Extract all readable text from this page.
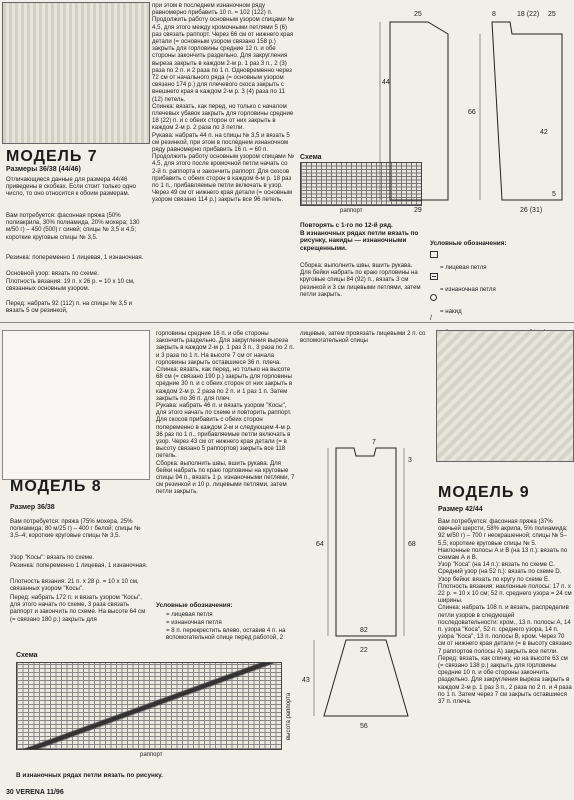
МОДЕЛЬ 7
Размеры 36/38 (44/46)
Отличающиеся данные для размера 44/46 приведены в скобках. Если стоит только одно число, то оно относится к обоим размерам.
Вам потребуется: фасонная пряжа (50% полиакрила, 30% полиамида, 20% мохера; 130 м/50 г) – 450 (500) г синей; спицы № 3,5 и 4,5; короткие круговые спицы № 3,5.
Резинка: попеременно 1 лицевая, 1 изнаночная.
Основной узор: вязать по схеме.
Плотность вязания: 19 п. х 26 р. = 10 х 10 см, связанных основным узором.
Перед: набрать 92 (112) п. на спицы № 3,5 и вязать 5 см резинкой,
при этом в последнем изнаночном ряду равномерно прибавить 10 п. = 102 (122) п. Продолжить работу основным узором спицами № 4,5, для этого между кромочными петлями 5 (6) раз связать раппорт. Через 66 см от нижнего края детали (= основным узором связано 158 р.) закрыть для горловины средние 12 п. и обе стороны закончить раздельно. Для закругления выреза закрыть в каждом 2-м р. 1 раз 3 п., 2 (3) раза по 2 п. и 2 раза по 1 п. Одновременно через 72 см от начального ряда (= основным узором связано 174 р.) для плечевого скоса закрыть с внешнего края в каждом 2-м р. 3 (4) раза по 11 (12) петель.
Спинка: вязать, как перед, но только с началом плечевых убавок закрыть для горловины средние 18 (22) п. и с обеих сторон от них закрыть в каждом 2-м р. 2 раза по 3 петли.
Рукава: набрать 44 п. на спицы № 3,5 и вязать 5 см резинкой, при этом в последнем изнаночном ряду равномерно прибавить 16 п. = 60 п. Продолжить работу основным узором спицами № 4,5, для этого после кромочной петли начать со 2-й п. раппорта и закончить раппорт. Для скосов прибавить с обеих сторон в каждом 6-м р. 18 раз по 1 п., прибавляемые петли включать в узор. Через 49 см от нижнего края детали (= основным узором связано 114 р.) закрыть все 96 петель.
Схема
раппорт
Повторять с 1-го по 12-й ряд.
В изнаночных рядах петли вязать по рисунку, накиды — изнаночными скрещенными.
Сборка: выполнить швы, вшить рукава. Для бейки набрать по краю горловины на круговые спицы 84 (92) п., вязать 3 см резинкой и 3 см лицевыми петлями, затем петли закрыть.
25	8	18 (22) 25
44
66
42
5
29	26 (31)
Условные обозначения:

= лицевая петля

= изнаночная петля

= накид

/

МОДЕЛЬ 8
Размер 36/38
Вам потребуется: пряжа (75% мохера, 25% полиамида; 80 м/25 г) – 400 г белой; спицы № 3,5–4; короткие круговые спицы № 3,5.
Узор "Косы": вязать по схеме.
Резинка: попеременно 1 лицевая, 1 изнаночная.
Плотность вязания: 21 п. х 28 р. = 10 х 10 см, связанных узором "Косы".
Перед: набрать 172 п. и вязать узором "Косы", для этого начать по схеме, 3 раза связать раппорт и закончить по схеме. На высоте 64 см (= связано 180 р.) закрыть для
горловины средние 16 п. и обе стороны закончить раздельно. Для закругления выреза закрыть в каждом 2-м р. 1 раз 3 п., 3 раза по 2 п. и 3 раза по 1 п. На высоте 7 см от начала горловины закрыть оставшиеся 36 п. плеча.
Спинка: вязать, как перед, но только на высоте 68 см (= связано 190 р.) закрыть для горловины средние 30 п. и с обеих сторон от них закрыть в каждом 2-м р. 2 раза по 2 п. и 1 раз 1 п. Затем закрыть по 36 п. для плеч.
Рукава: набрать 46 п. и вязать узором "Косы", для этого начать по схеме и повторить раппорт. Для скосов прибавить с обеих сторон попеременно в каждом 2-м и следующем 4-м р. 36 раз по 1 п., прибавляемые петли включать в узор. Через 43 см от нижнего края детали (= в высоту связано 5 раппортов) закрыть все 118 петель.
Сборка: выполнить швы, вшить рукава. Для бейки набрать по краю горловины на круговые спицы 94 п., вязать 1 р. изнаночными петлями, 7 см резинкой и 10 р. лицевыми петлями, затем петли закрыть.
Условные обозначения:
= лицевая петля
= изнаночная петля
= 8 п. перекрестить влево, оставив 4 п. на вспомогательной спице перед работой, 2
лицевые, затем провязать лицевыми 2 п. со вспомогательной спицы
7
3
64	68
43
22
82
56
Схема
раппорт
высота раппорта
В изнаночных рядах петли вязать по рисунку.
МОДЕЛЬ 9
Размер 42/44
Вам потребуется: фасонная пряжа (37% овечьей шерсти, 58% акрила, 5% полиамида; 92 м/50 г) – 700 г неокрашенной; спицы № 5–5,5; короткие круговые спицы № 5.
Наклонные полосы А и В (на 13 п.): вязать по схемам А и В.
Узор "Коса" (на 14 п.): вязать по схеме С.
Средний узор (на 52 п.): вязать по схеме D.
Узор бейки: вязать по кругу по схеме Е.
Плотность вязания: наклонные полосы: 17 п. х 22 р. = 10 х 10 см; 52 п. среднего узора = 24 см ширины.
Спинка: набрать 108 п. и вязать, распределив петли узоров в следующей последовательности: кром., 13 п. полосы А, 14 п. узора "Коса", 52 п. среднего узора, 14 п. узора "Коса", 13 п. полосы В, кром. Через 70 см от нижнего края детали (= в высоту связано 7 раппортов полосы А) закрыть все петли.
Перед: вязать, как спинку, но на высоте 63 см (= связано 138 р.) закрыть для горловины средние 10 п. и обе стороны закончить раздельно. Для закругления выреза закрыть в каждом 2-м р. 1 раз 3 п., 2 раза по 2 п. и 4 раза по 1 п. Затем через 7 см закрыть оставшиеся 37 п. плеча.
30 VERENA 11/96
